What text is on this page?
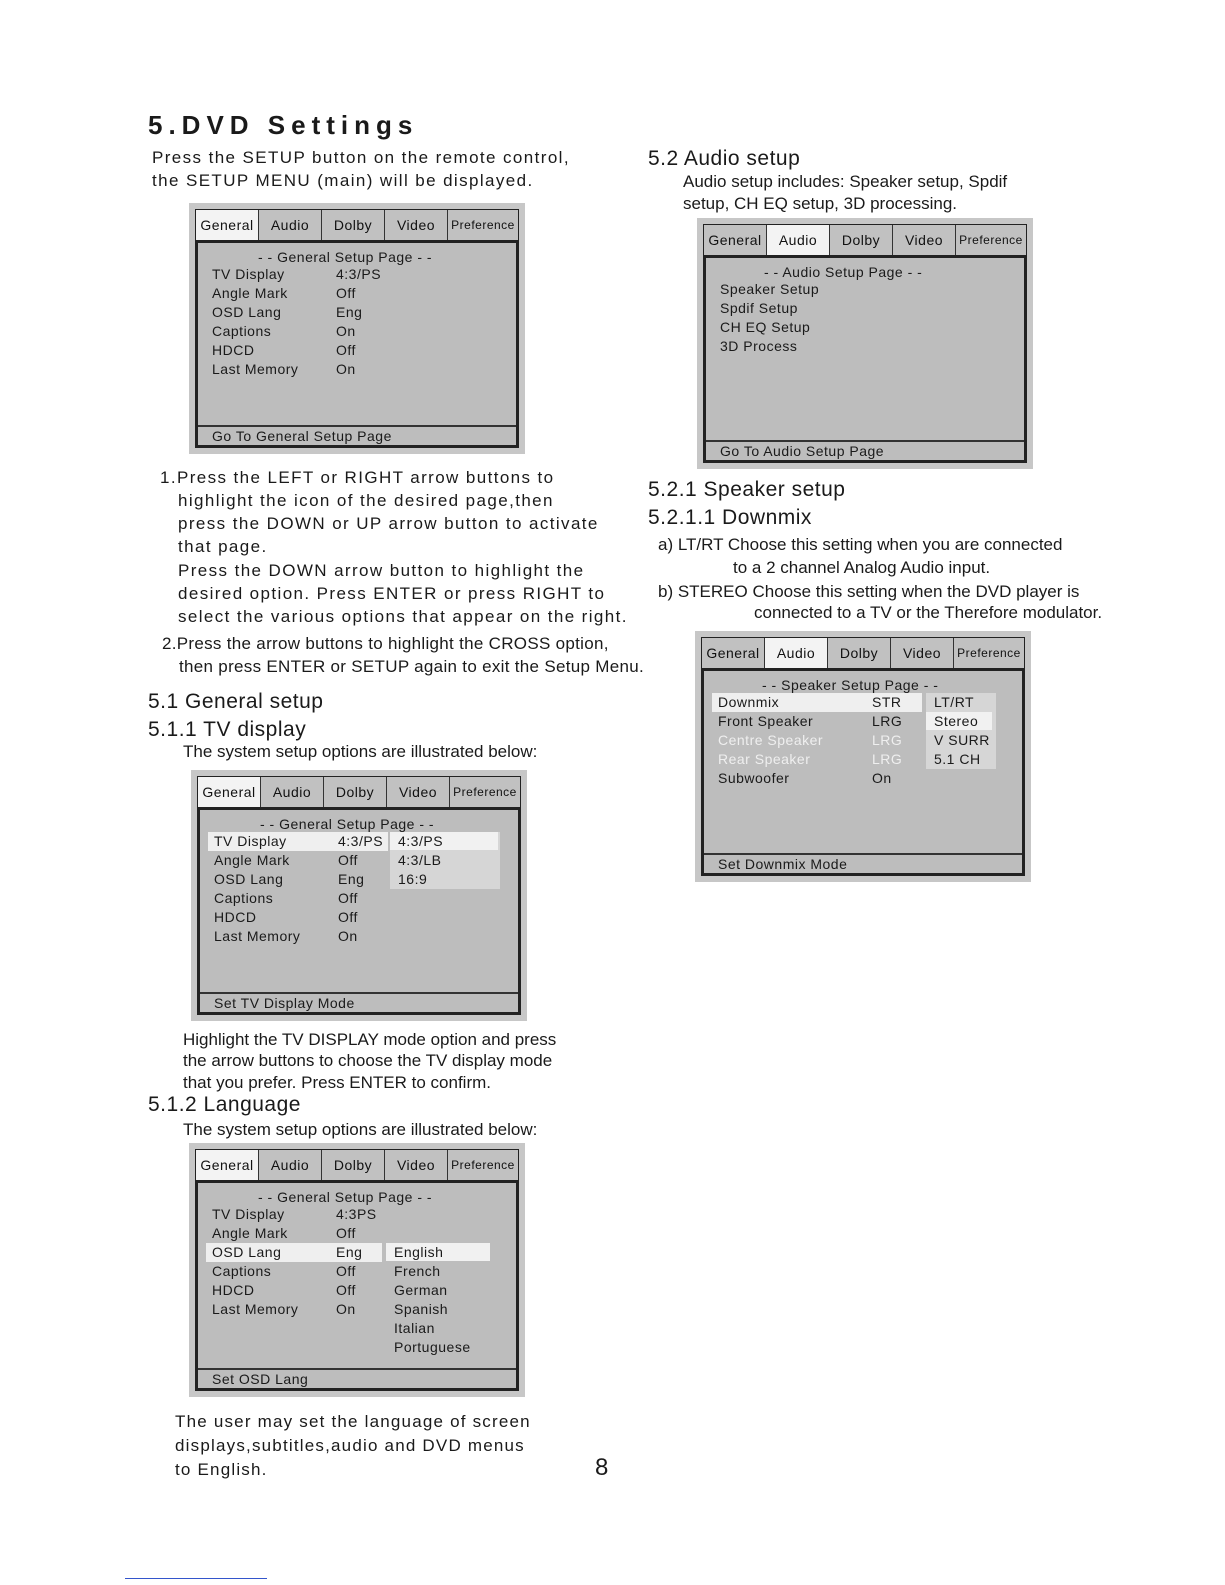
5.DVD Settings
Press the SETUP button on the remote control,
the SETUP MENU (main) will be displayed.
General	Audio	Dolby	Video	Preference
- - General Setup Page - -
TV Display	4:3/PS
Angle Mark	Off
OSD Lang	Eng
Captions	On
HDCD	Off
Last Memory	On
Go To General Setup Page
1.Press the LEFT or RIGHT arrow buttons to
highlight the icon of the desired page,then
press the DOWN or UP arrow button to activate
that page.
Press the DOWN arrow button to highlight the
desired option. Press ENTER or press RIGHT to
select the various options that appear on the right.
2.Press the arrow buttons to highlight the CROSS option,
then press ENTER or SETUP again to exit the Setup Menu.
5.1 General setup
5.1.1 TV display
The system setup options are illustrated below:
General	Audio	Dolby	Video	Preference
- - General Setup Page - -
TV Display	4:3/PS
Angle Mark	Off
OSD Lang	Eng
Captions	Off
HDCD	Off
Last Memory	On
4:3/PS
4:3/LB
16:9
Set TV Display Mode
Highlight the TV DISPLAY mode option and press
the arrow buttons to choose the TV display mode
that you prefer. Press ENTER to confirm.
5.1.2 Language
The system setup options are illustrated below:
General	Audio	Dolby	Video	Preference
- - General Setup Page - -
TV Display	4:3PS
Angle Mark	Off
OSD Lang	Eng
Captions	Off
HDCD	Off
Last Memory	On
English
French
German
Spanish
Italian
Portuguese
Set OSD Lang
The user may set the language of screen
displays,subtitles,audio and DVD menus
to English.	8
5.2 Audio setup
Audio setup includes: Speaker setup, Spdif
setup, CH EQ setup, 3D processing.
General	Audio	Dolby	Video	Preference
- - Audio Setup Page - -
Speaker Setup
Spdif Setup
CH EQ Setup
3D Process
Go To Audio Setup Page
5.2.1 Speaker setup
5.2.1.1 Downmix
a) LT/RT Choose this setting when you are connected
to a 2 channel Analog Audio input.
b) STEREO Choose this setting when the DVD player is
connected to a TV or the Therefore modulator.
General	Audio	Dolby	Video	Preference
- - Speaker Setup Page - -
Downmix	STR
Front Speaker	LRG
Centre Speaker	LRG
Rear Speaker	LRG
Subwoofer	On
LT/RT
Stereo
V SURR
5.1 CH
Set Downmix Mode
